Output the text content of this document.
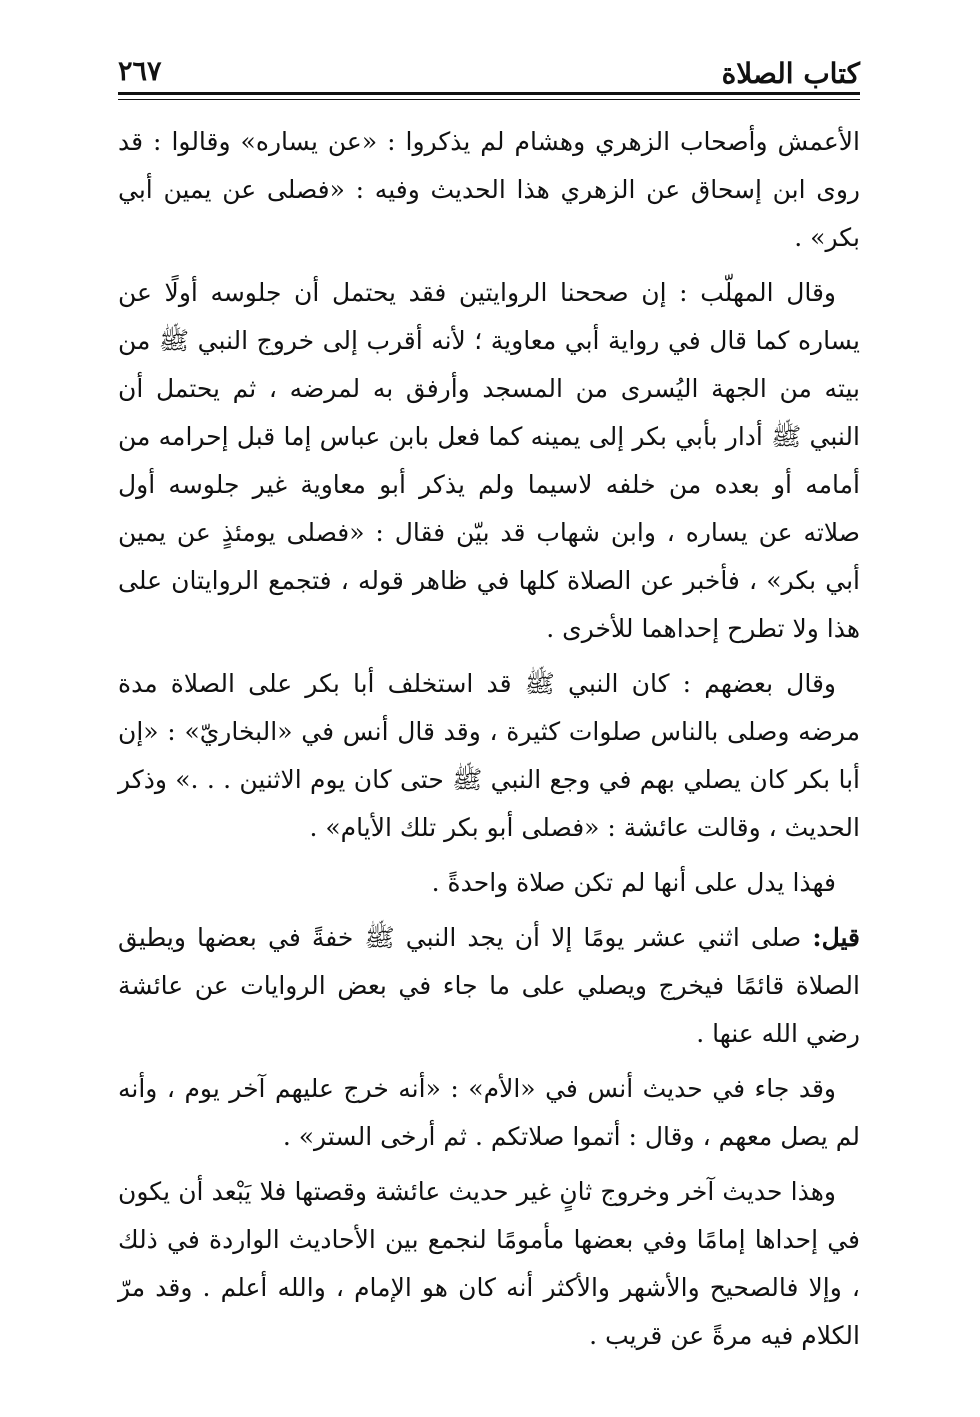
كتاب الصلاة
٢٦٧

الأعمش وأصحاب الزهري وهشام لم يذكروا : «عن يساره» وقالوا : قد روى ابن إسحاق عن الزهري هذا الحديث وفيه : «فصلى عن يمين أبي بكر» .

وقال المهلّب : إن صححنا الروايتين فقد يحتمل أن جلوسه أولًا عن يساره كما قال في رواية أبي معاوية ؛ لأنه أقرب إلى خروج النبي ﷺ من بيته من الجهة اليُسرى من المسجد وأرفق به لمرضه ، ثم يحتمل أن النبي ﷺ أدار بأبي بكر إلى يمينه كما فعل بابن عباس إما قبل إحرامه من أمامه أو بعده من خلفه لاسيما ولم يذكر أبو معاوية غير جلوسه أول صلاته عن يساره ، وابن شهاب قد بيّن فقال : «فصلى يومئذٍ عن يمين أبي بكر» ، فأخبر عن الصلاة كلها في ظاهر قوله ، فتجمع الروايتان على هذا ولا تطرح إحداهما للأخرى .

وقال بعضهم : كان النبي ﷺ قد استخلف أبا بكر على الصلاة مدة مرضه وصلى بالناس صلوات كثيرة ، وقد قال أنس في «البخاريّ» : «إن أبا بكر كان يصلي بهم في وجع النبي ﷺ حتى كان يوم الاثنين . . .» وذكر الحديث ، وقالت عائشة : «فصلى أبو بكر تلك الأيام» .

فهذا يدل على أنها لم تكن صلاة واحدةً .

قيل: صلى اثني عشر يومًا إلا أن يجد النبي ﷺ خفةً في بعضها ويطيق الصلاة قائمًا فيخرج ويصلي على ما جاء في بعض الروايات عن عائشة رضي الله عنها .

وقد جاء في حديث أنس في «الأم» : «أنه خرج عليهم آخر يوم ، وأنه لم يصل معهم ، وقال : أتموا صلاتكم . ثم أرخى الستر» .

وهذا حديث آخر وخروج ثانٍ غير حديث عائشة وقصتها فلا يَبْعد أن يكون في إحداها إمامًا وفي بعضها مأمومًا لنجمع بين الأحاديث الواردة في ذلك ، وإلا فالصحيح والأشهر والأكثر أنه كان هو الإمام ، والله أعلم . وقد مرّ الكلام فيه مرةً عن قريب .
